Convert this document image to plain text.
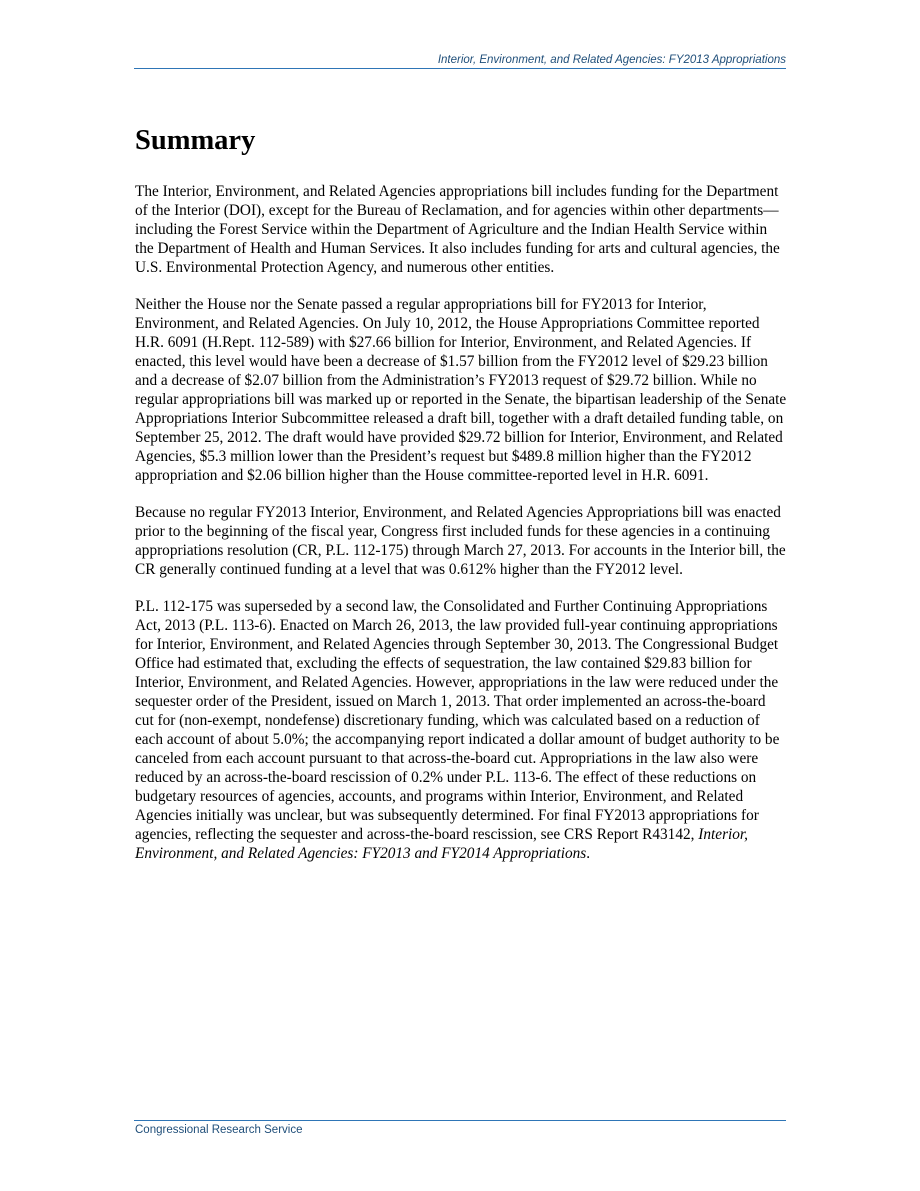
Interior, Environment, and Related Agencies: FY2013 Appropriations
Summary

The Interior, Environment, and Related Agencies appropriations bill includes funding for the Department of the Interior (DOI), except for the Bureau of Reclamation, and for agencies within other departments—including the Forest Service within the Department of Agriculture and the Indian Health Service within the Department of Health and Human Services. It also includes funding for arts and cultural agencies, the U.S. Environmental Protection Agency, and numerous other entities.

Neither the House nor the Senate passed a regular appropriations bill for FY2013 for Interior, Environment, and Related Agencies. On July 10, 2012, the House Appropriations Committee reported H.R. 6091 (H.Rept. 112-589) with $27.66 billion for Interior, Environment, and Related Agencies. If enacted, this level would have been a decrease of $1.57 billion from the FY2012 level of $29.23 billion and a decrease of $2.07 billion from the Administration’s FY2013 request of $29.72 billion. While no regular appropriations bill was marked up or reported in the Senate, the bipartisan leadership of the Senate Appropriations Interior Subcommittee released a draft bill, together with a draft detailed funding table, on September 25, 2012. The draft would have provided $29.72 billion for Interior, Environment, and Related Agencies, $5.3 million lower than the President’s request but $489.8 million higher than the FY2012 appropriation and $2.06 billion higher than the House committee-reported level in H.R. 6091.

Because no regular FY2013 Interior, Environment, and Related Agencies Appropriations bill was enacted prior to the beginning of the fiscal year, Congress first included funds for these agencies in a continuing appropriations resolution (CR, P.L. 112-175) through March 27, 2013. For accounts in the Interior bill, the CR generally continued funding at a level that was 0.612% higher than the FY2012 level.

P.L. 112-175 was superseded by a second law, the Consolidated and Further Continuing Appropriations Act, 2013 (P.L. 113-6). Enacted on March 26, 2013, the law provided full-year continuing appropriations for Interior, Environment, and Related Agencies through September 30, 2013. The Congressional Budget Office had estimated that, excluding the effects of sequestration, the law contained $29.83 billion for Interior, Environment, and Related Agencies. However, appropriations in the law were reduced under the sequester order of the President, issued on March 1, 2013. That order implemented an across-the-board cut for (non-exempt, nondefense) discretionary funding, which was calculated based on a reduction of each account of about 5.0%; the accompanying report indicated a dollar amount of budget authority to be canceled from each account pursuant to that across-the-board cut. Appropriations in the law also were reduced by an across-the-board rescission of 0.2% under P.L. 113-6. The effect of these reductions on budgetary resources of agencies, accounts, and programs within Interior, Environment, and Related Agencies initially was unclear, but was subsequently determined. For final FY2013 appropriations for agencies, reflecting the sequester and across-the-board rescission, see CRS Report R43142, Interior, Environment, and Related Agencies: FY2013 and FY2014 Appropriations.

Congressional Research Service
